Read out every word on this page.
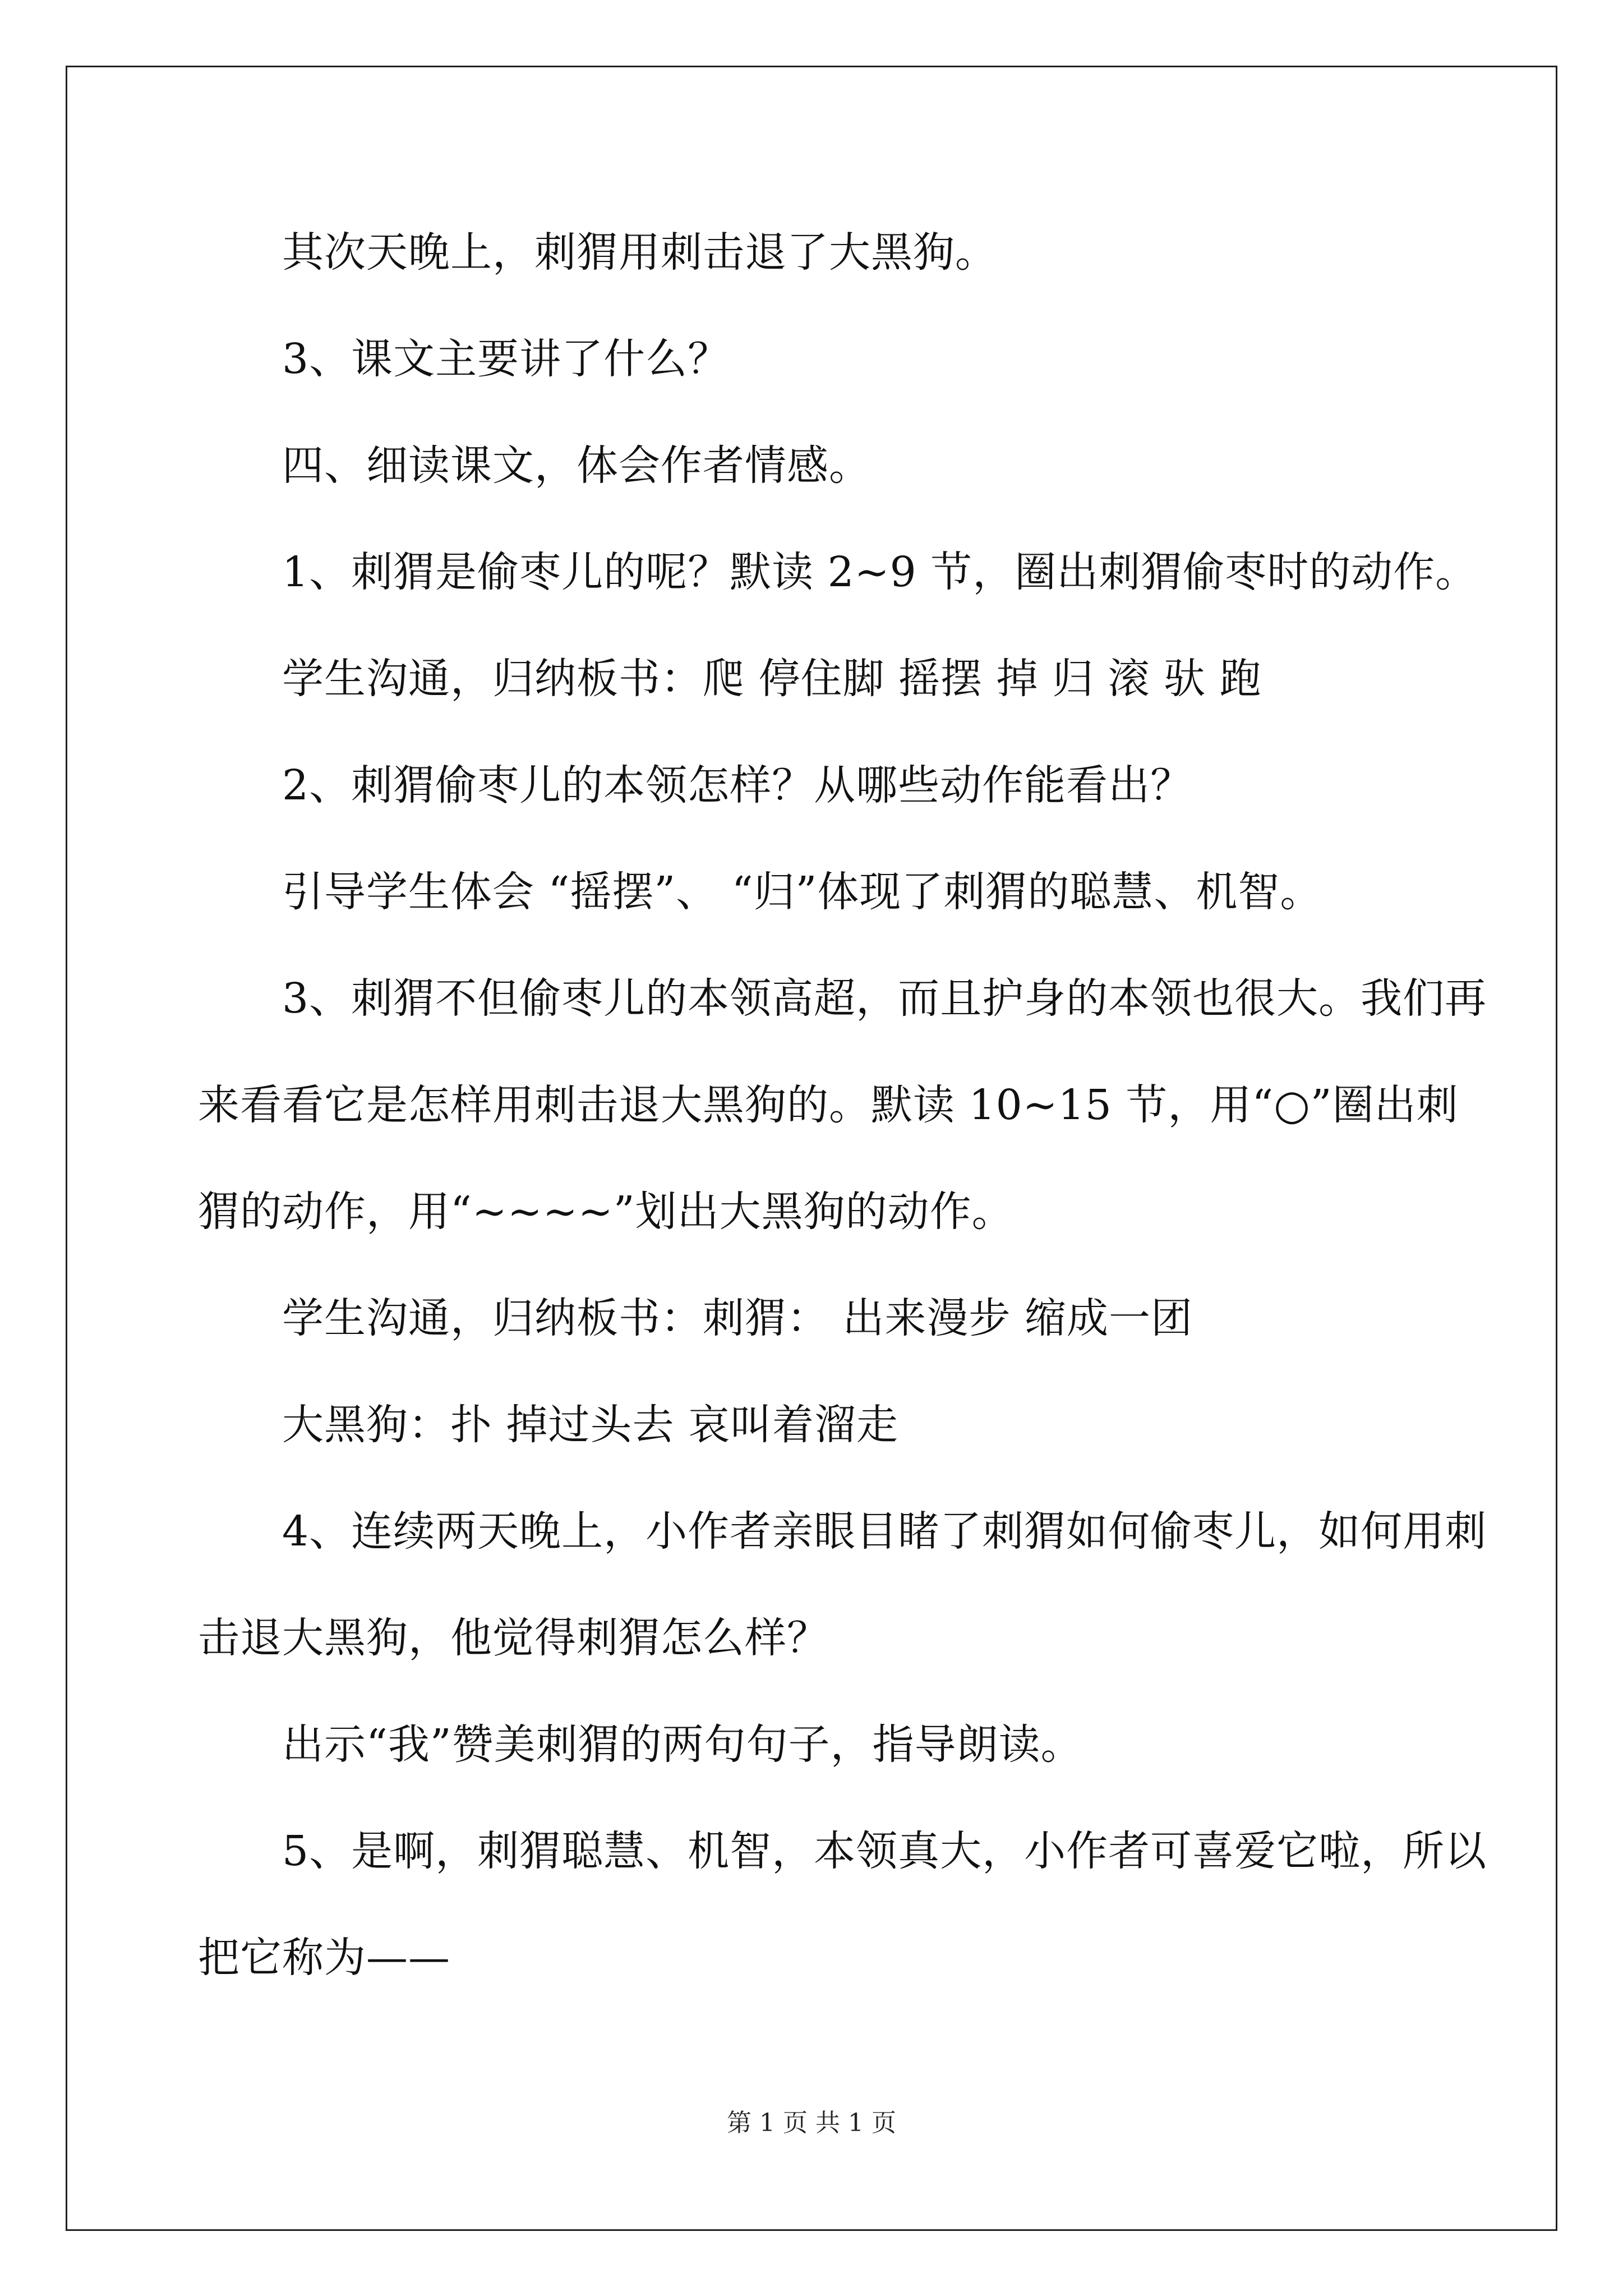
其次天晚上，刺猬用刺击退了大黑狗。
3、课文主要讲了什么？
四、细读课文，体会作者情感。
1、刺猬是偷枣儿的呢？默读 2~9 节，圈出刺猬偷枣时的动作。
学生沟通，归纳板书：爬 停住脚 摇摆 掉 归 滚 驮 跑
2、刺猬偷枣儿的本领怎样？从哪些动作能看出？
引导学生体会 “摇摆”、 “归”体现了刺猬的聪慧、机智。
3、刺猬不但偷枣儿的本领高超，而且护身的本领也很大。我们再
来看看它是怎样用刺击退大黑狗的。默读 10~15 节，用“○”圈出刺
猬的动作，用“~~~~”划出大黑狗的动作。
学生沟通，归纳板书：刺猬： 出来漫步 缩成一团
大黑狗：扑 掉过头去 哀叫着溜走
4、连续两天晚上，小作者亲眼目睹了刺猬如何偷枣儿，如何用刺
击退大黑狗，他觉得刺猬怎么样？
出示“我”赞美刺猬的两句句子，指导朗读。
5、是啊，刺猬聪慧、机智，本领真大，小作者可喜爱它啦，所以
把它称为——
第 1 页 共 1 页
